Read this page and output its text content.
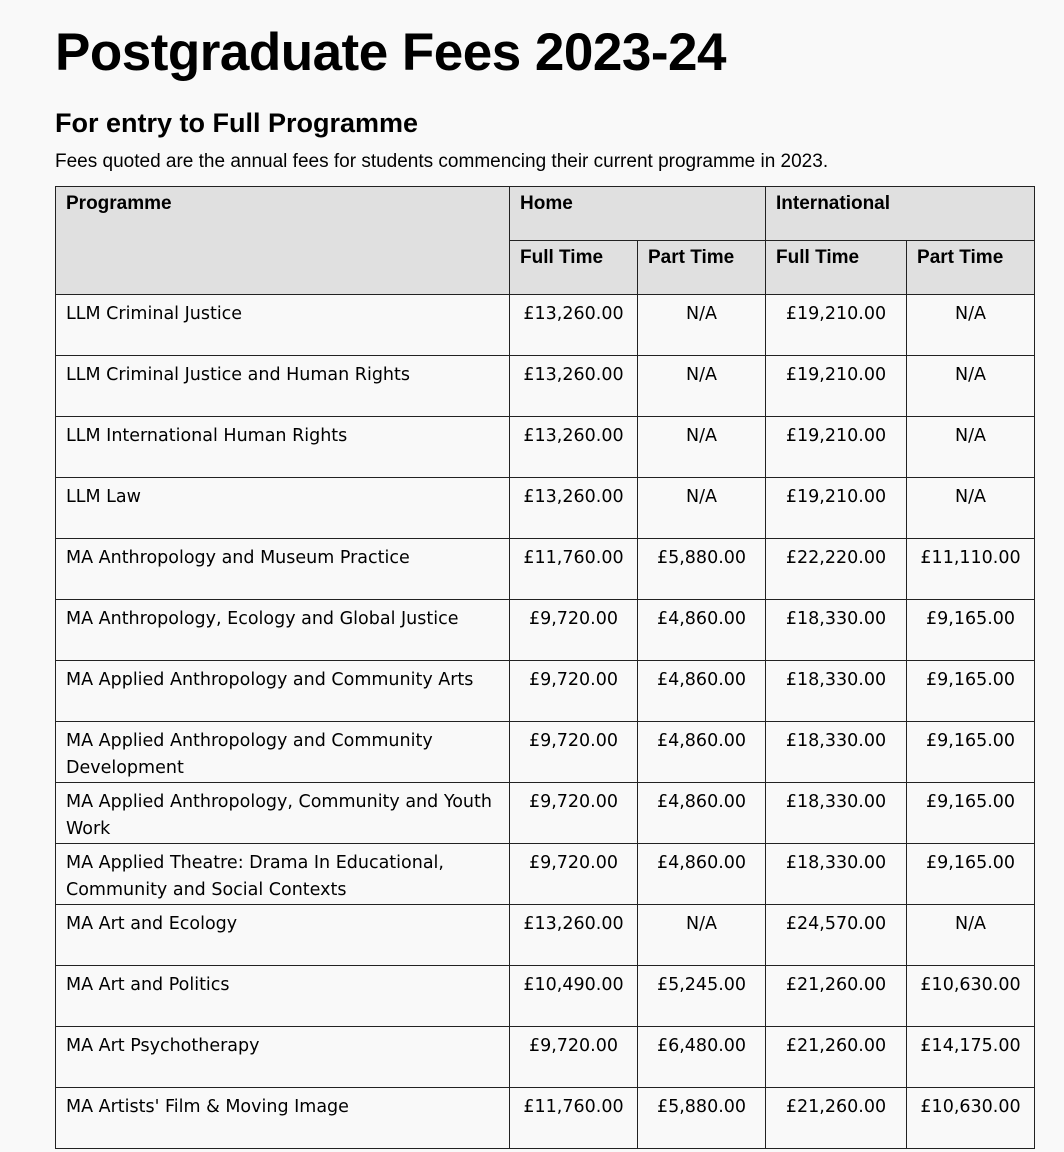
Postgraduate Fees 2023-24
For entry to Full Programme

Fees quoted are the annual fees for students commencing their current programme in 2023.

Programme	Home		International	
	Full Time	Part Time	Full Time	Part Time
LLM Criminal Justice	£13,260.00	N/A	£19,210.00	N/A
LLM Criminal Justice and Human Rights	£13,260.00	N/A	£19,210.00	N/A
LLM International Human Rights	£13,260.00	N/A	£19,210.00	N/A
LLM Law	£13,260.00	N/A	£19,210.00	N/A
MA Anthropology and Museum Practice	£11,760.00	£5,880.00	£22,220.00	£11,110.00
MA Anthropology, Ecology and Global Justice	£9,720.00	£4,860.00	£18,330.00	£9,165.00
MA Applied Anthropology and Community Arts	£9,720.00	£4,860.00	£18,330.00	£9,165.00
MA Applied Anthropology and Community Development	£9,720.00	£4,860.00	£18,330.00	£9,165.00
MA Applied Anthropology, Community and Youth Work	£9,720.00	£4,860.00	£18,330.00	£9,165.00
MA Applied Theatre: Drama In Educational, Community and Social Contexts	£9,720.00	£4,860.00	£18,330.00	£9,165.00
MA Art and Ecology	£13,260.00	N/A	£24,570.00	N/A
MA Art and Politics	£10,490.00	£5,245.00	£21,260.00	£10,630.00
MA Art Psychotherapy	£9,720.00	£6,480.00	£21,260.00	£14,175.00
MA Artists' Film & Moving Image	£11,760.00	£5,880.00	£21,260.00	£10,630.00
